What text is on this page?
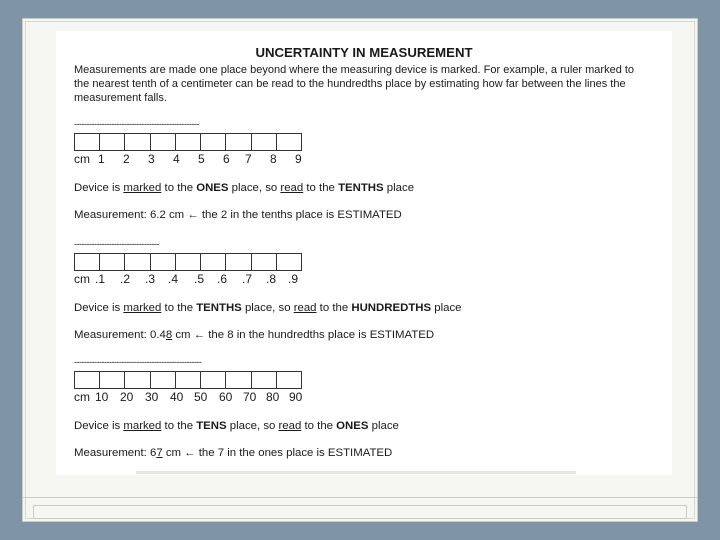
UNCERTAINTY IN MEASUREMENT
Measurements are made one place beyond where the measuring device is marked. For example, a ruler marked to
the nearest tenth of a centimeter can be read to the hundredths place by estimating how far between the lines the
measurement falls.
--------------------------------------------------
cm 1 2 3 4 5 6 7 8 9
Device is marked to the ONES place, so read to the TENTHS place
Measurement: 6.2 cm ← the 2 in the tenths place is ESTIMATED
----------------------------------
cm .1 .2 .3 .4 .5 .6 .7 .8 .9
Device is marked to the TENTHS place, so read to the HUNDREDTHS place
Measurement: 0.48 cm ← the 8 in the hundredths place is ESTIMATED
---------------------------------------------------
cm 10 20 30 40 50 60 70 80 90
Device is marked to the TENS place, so read to the ONES place
Measurement: 67 cm ← the 7 in the ones place is ESTIMATED
